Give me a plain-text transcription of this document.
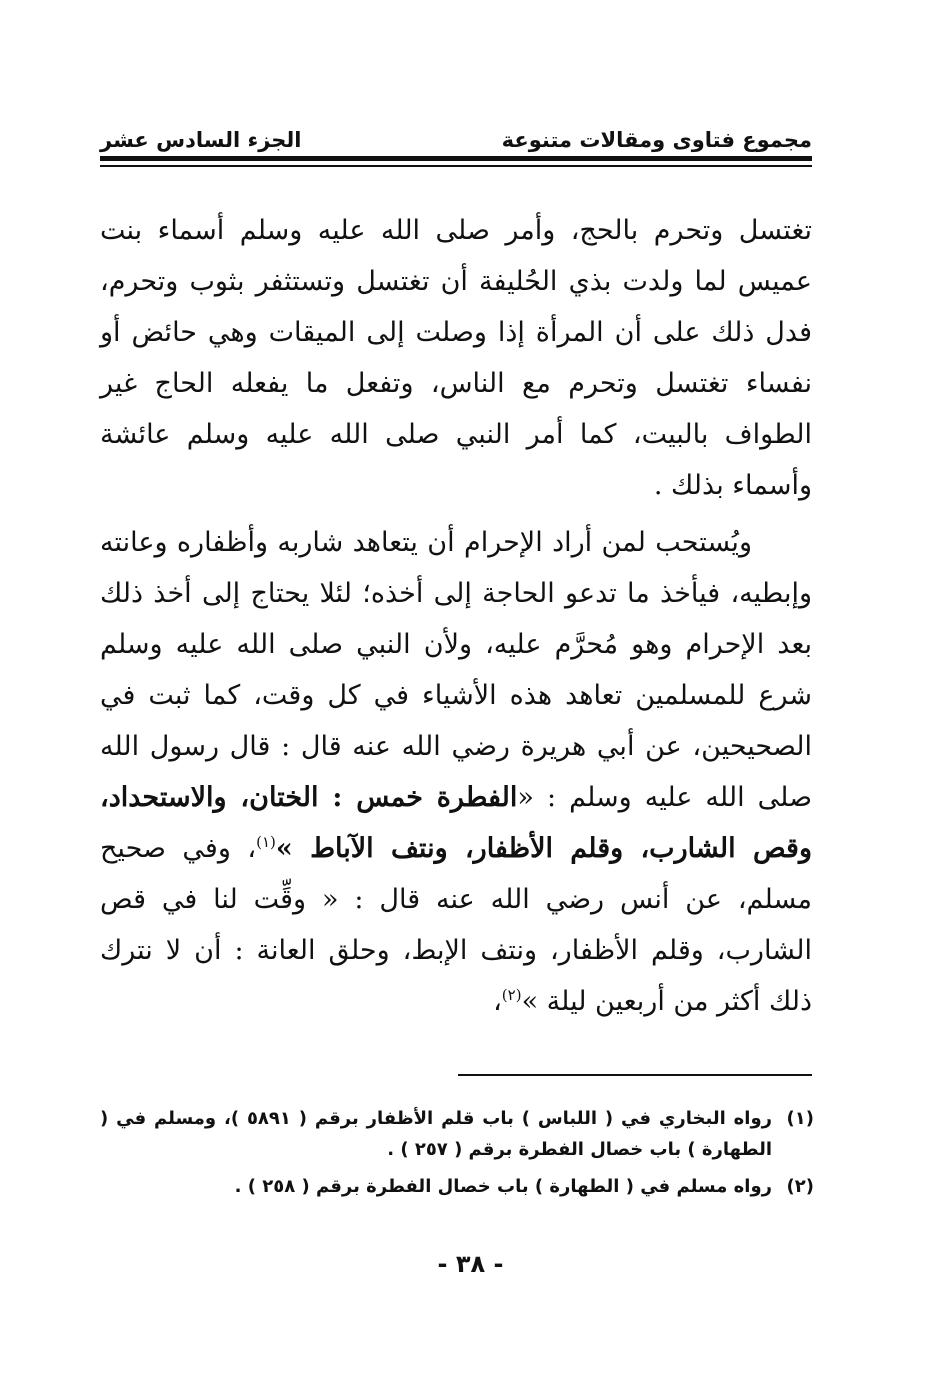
مجموع فتاوى ومقالات متنوعة
الجزء السادس عشر

تغتسل وتحرم بالحج، وأمر صلى الله عليه وسلم أسماء بنت عميس لما ولدت بذي الحُليفة أن تغتسل وتستثفر بثوب وتحرم، فدل ذلك على أن المرأة إذا وصلت إلى الميقات وهي حائض أو نفساء تغتسل وتحرم مع الناس، وتفعل ما يفعله الحاج غير الطواف بالبيت، كما أمر النبي صلى الله عليه وسلم عائشة وأسماء بذلك .

ويُستحب لمن أراد الإحرام أن يتعاهد شاربه وأظفاره وعانته وإبطيه، فيأخذ ما تدعو الحاجة إلى أخذه؛ لئلا يحتاج إلى أخذ ذلك بعد الإحرام وهو مُحرَّم عليه، ولأن النبي صلى الله عليه وسلم شرع للمسلمين تعاهد هذه الأشياء في كل وقت، كما ثبت في الصحيحين، عن أبي هريرة رضي الله عنه قال : قال رسول الله صلى الله عليه وسلم : «الفطرة خمس : الختان، والاستحداد، وقص الشارب، وقلم الأظفار، ونتف الآباط »$^{(١)}$، وفي صحيح مسلم، عن أنس رضي الله عنه قال : « وقِّت لنا في قص الشارب، وقلم الأظفار، ونتف الإبط، وحلق العانة : أن لا نترك ذلك أكثر من أربعين ليلة »$^{(٢)}$،

(١)
رواه البخاري في ( اللباس ) باب قلم الأظفار برقم ( ٥٨٩١ )، ومسلم في ( الطهارة ) باب خصال الفطرة برقم ( ٢٥٧ ) .
(٢)
رواه مسلم في ( الطهارة ) باب خصال الفطرة برقم ( ٢٥٨ ) .
- ٣٨ -
